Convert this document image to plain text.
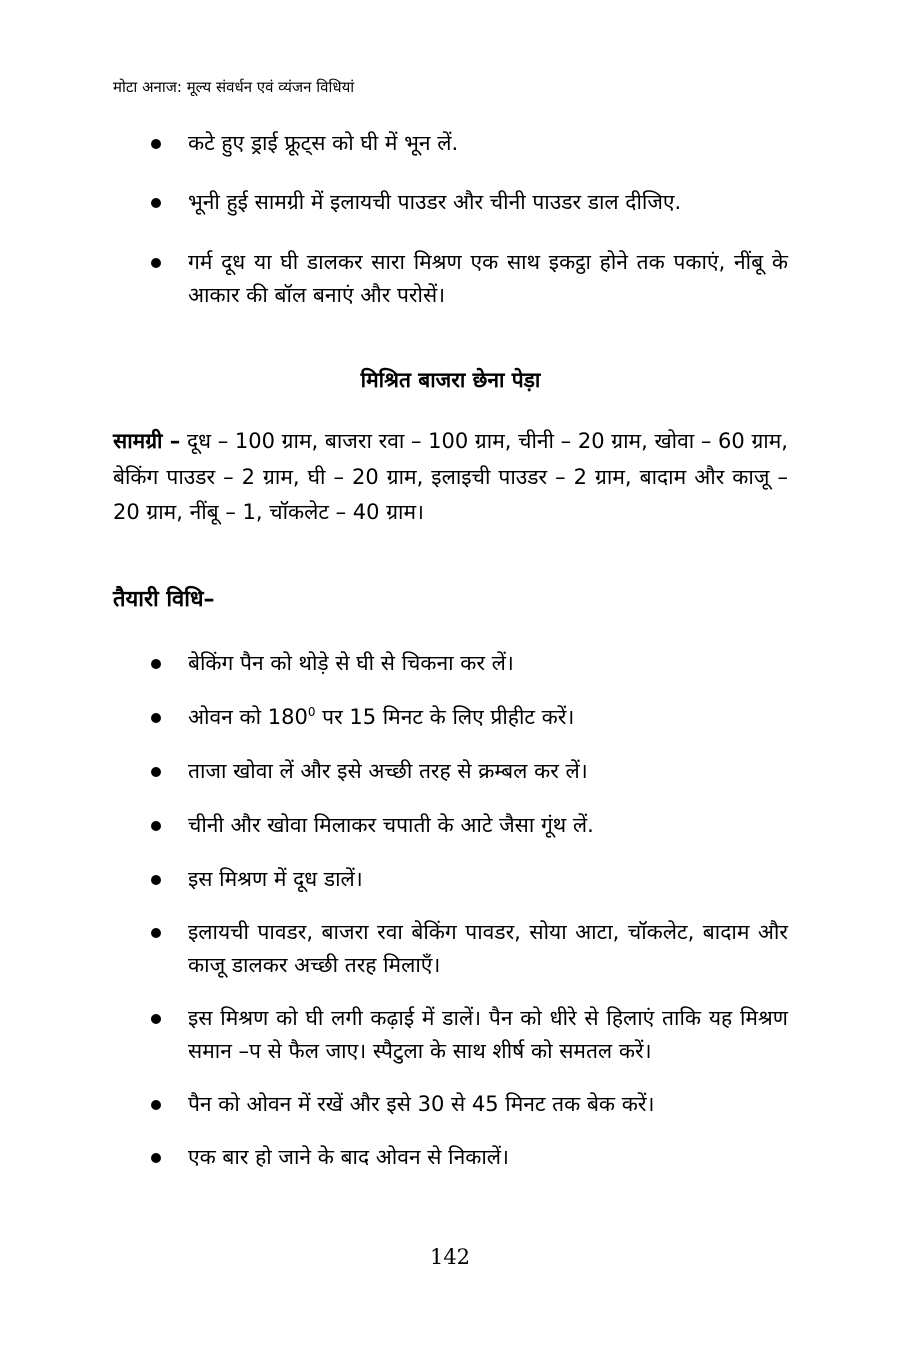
मोटा अनाज: मूल्य संवर्धन एवं व्यंजन विधियां
कटे हुए ड्राई फ्रूट्स को घी में भून लें.
भूनी हुई सामग्री में इलायची पाउडर और चीनी पाउडर डाल दीजिए.
गर्म दूध या घी डालकर सारा मिश्रण एक साथ इकट्ठा होने तक पकाएं, नींबू के आकार की बॉल बनाएं और परोसें।
मिश्रित बाजरा छेना पेड़ा

सामग्री – दूध – 100 ग्राम, बाजरा रवा – 100 ग्राम, चीनी – 20 ग्राम, खोवा – 60 ग्राम, बेकिंग पाउडर – 2 ग्राम, घी – 20 ग्राम, इलाइची पाउडर – 2 ग्राम, बादाम और काजू – 20 ग्राम, नींबू – 1, चॉकलेट – 40 ग्राम।

तैयारी विधि–
बेकिंग पैन को थोड़े से घी से चिकना कर लें।
ओवन को $180^0$ पर 15 मिनट के लिए प्रीहीट करें।
ताजा खोवा लें और इसे अच्छी तरह से क्रम्बल कर लें।
चीनी और खोवा मिलाकर चपाती के आटे जैसा गूंथ लें.
इस मिश्रण में दूध डालें।
इलायची पावडर, बाजरा रवा बेकिंग पावडर, सोया आटा, चॉकलेट, बादाम और काजू डालकर अच्छी तरह मिलाएँ।
इस मिश्रण को घी लगी कढ़ाई में डालें। पैन को धीरे से हिलाएं ताकि यह मिश्रण समान –प से फैल जाए। स्पैटुला के साथ शीर्ष को समतल करें।
पैन को ओवन में रखें और इसे 30 से 45 मिनट तक बेक करें।
एक बार हो जाने के बाद ओवन से निकालें।
142
